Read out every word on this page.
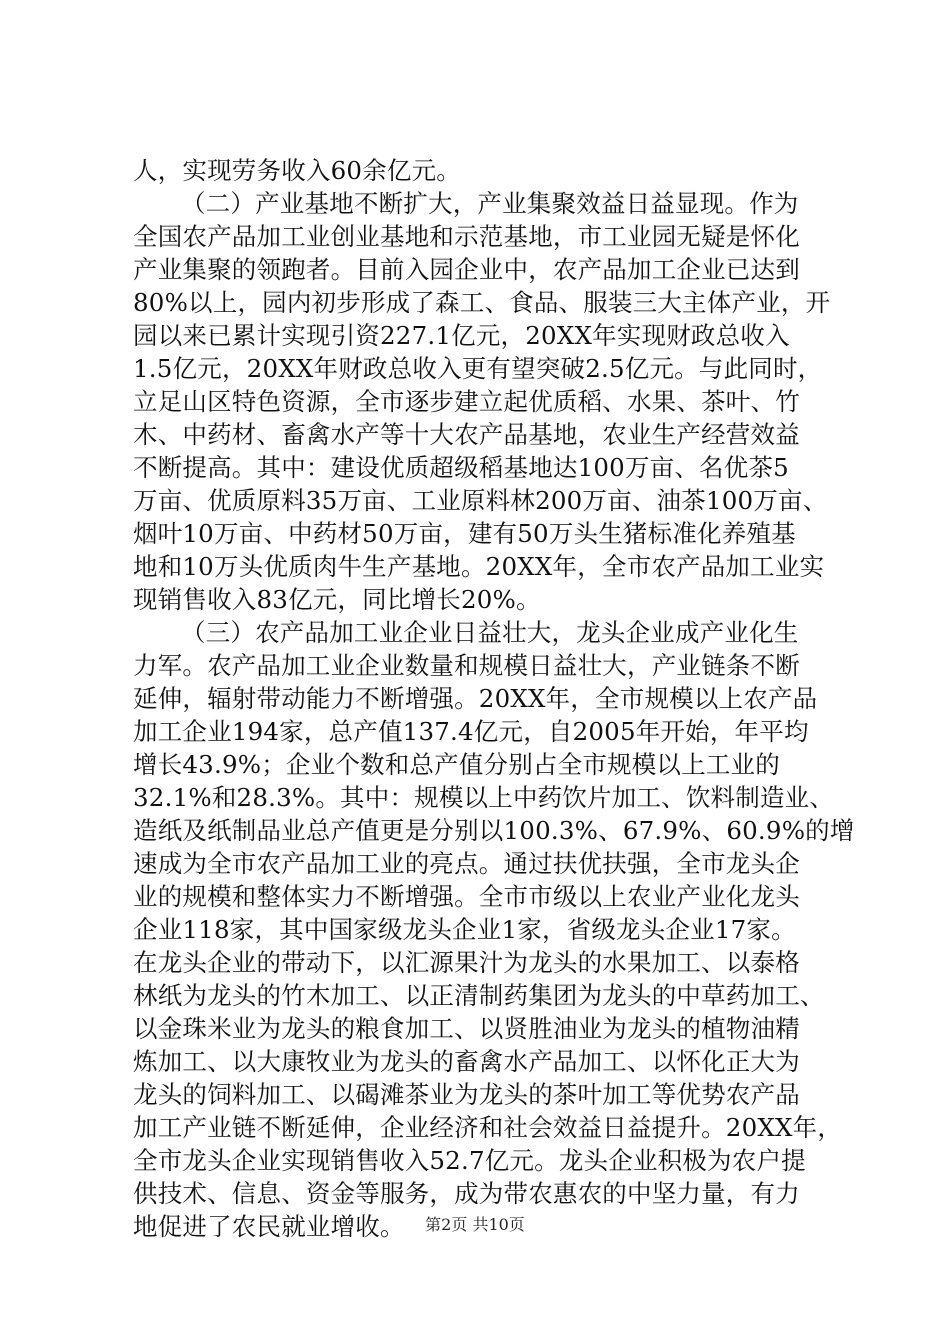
人，实现劳务收入60余亿元。
（二）产业基地不断扩大，产业集聚效益日益显现。作为
全国农产品加工业创业基地和示范基地，市工业园无疑是怀化
产业集聚的领跑者。目前入园企业中，农产品加工企业已达到
80%以上，园内初步形成了森工、食品、服装三大主体产业，开
园以来已累计实现引资227.1亿元，20XX年实现财政总收入
1.5亿元，20XX年财政总收入更有望突破2.5亿元。与此同时，
立足山区特色资源，全市逐步建立起优质稻、水果、茶叶、竹
木、中药材、畜禽水产等十大农产品基地，农业生产经营效益
不断提高。其中：建设优质超级稻基地达100万亩、名优茶5
万亩、优质原料35万亩、工业原料林200万亩、油茶100万亩、
烟叶10万亩、中药材50万亩，建有50万头生猪标准化养殖基
地和10万头优质肉牛生产基地。20XX年，全市农产品加工业实
现销售收入83亿元，同比增长20%。
（三）农产品加工业企业日益壮大，龙头企业成产业化生
力军。农产品加工业企业数量和规模日益壮大，产业链条不断
延伸，辐射带动能力不断增强。20XX年，全市规模以上农产品
加工企业194家，总产值137.4亿元，自2005年开始，年平均
增长43.9%；企业个数和总产值分别占全市规模以上工业的
32.1%和28.3%。其中：规模以上中药饮片加工、饮料制造业、
造纸及纸制品业总产值更是分别以100.3%、67.9%、60.9%的增
速成为全市农产品加工业的亮点。通过扶优扶强，全市龙头企
业的规模和整体实力不断增强。全市市级以上农业产业化龙头
企业118家，其中国家级龙头企业1家，省级龙头企业17家。
在龙头企业的带动下，以汇源果汁为龙头的水果加工、以泰格
林纸为龙头的竹木加工、以正清制药集团为龙头的中草药加工、
以金珠米业为龙头的粮食加工、以贤胜油业为龙头的植物油精
炼加工、以大康牧业为龙头的畜禽水产品加工、以怀化正大为
龙头的饲料加工、以碣滩茶业为龙头的茶叶加工等优势农产品
加工产业链不断延伸，企业经济和社会效益日益提升。20XX年，
全市龙头企业实现销售收入52.7亿元。龙头企业积极为农户提
供技术、信息、资金等服务，成为带农惠农的中坚力量，有力
地促进了农民就业增收。	第2页 共10页
